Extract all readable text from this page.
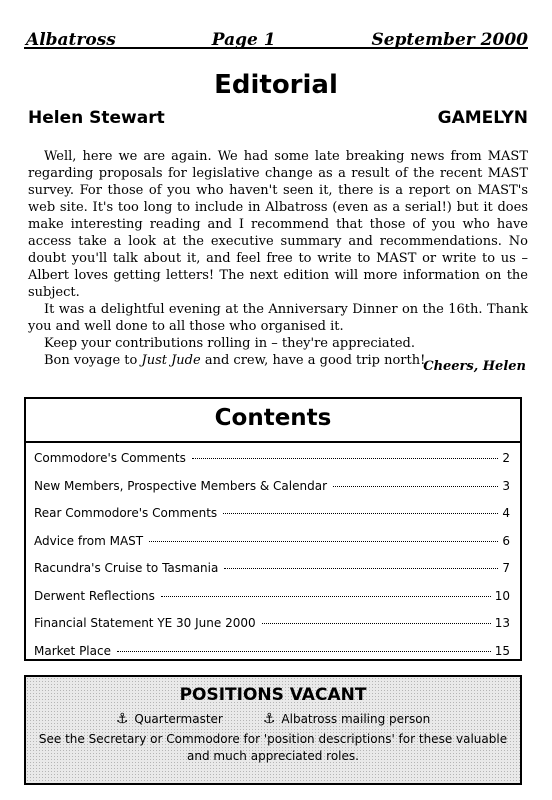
Albatross	Page 1	September 2000
Editorial
Helen Stewart	GAMELYN

Well, here we are again. We had some late breaking news from MAST regarding proposals for legislative change as a result of the recent MAST survey. For those of you who haven't seen it, there is a report on MAST's web site. It's too long to include in Albatross (even as a serial!) but it does make interesting reading and I recommend that those of you who have access take a look at the executive summary and recommendations. No doubt you'll talk about it, and feel free to write to MAST or write to us – Albert loves getting letters! The next edition will more information on the subject.

It was a delightful evening at the Anniversary Dinner on the 16th. Thank you and well done to all those who organised it.

Keep your contributions rolling in – they're appreciated.

Bon voyage to Just Jude and crew, have a good trip north!

Cheers, Helen
Contents
Commodore's Comments	2
New Members, Prospective Members & Calendar	3
Rear Commodore's Comments	4
Advice from MAST	6
Racundra's Cruise to Tasmania	7
Derwent Reflections	10
Financial Statement YE 30 June 2000	13
Market Place	15
POSITIONS VACANT
⚓ Quartermaster	⚓ Albatross mailing person
See the Secretary or Commodore for 'position descriptions' for these valuable and much appreciated roles.
